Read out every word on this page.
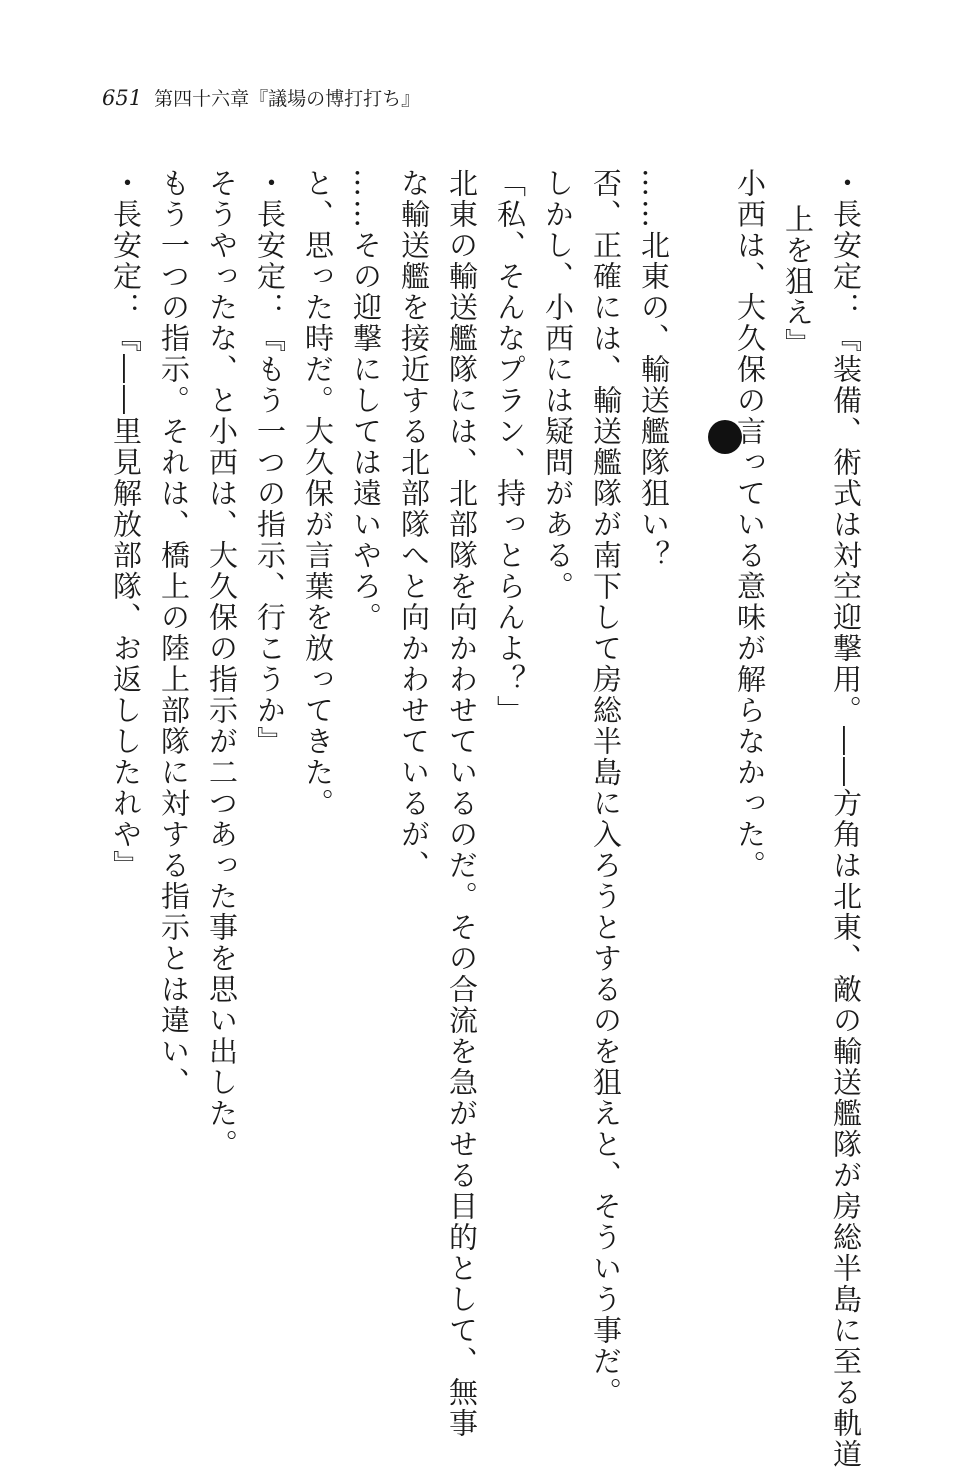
651 第四十六章『議場の博打打ち』
・長安定：『装備、術式は対空迎撃用。――方角は北東、敵の輸送艦隊が房総半島に至る軌道
上を狙え』
小西は、大久保の言っている意味が解らなかった。
……北東の、輸送艦隊狙い？
否、正確には、輸送艦隊が南下して房総半島に入ろうとするのを狙えと、そういう事だ。
しかし、小西には疑問がある。
「私、そんなプラン、持っとらんよ？」
北東の輸送艦隊には、北部隊を向かわせているのだ。その合流を急がせる目的として、無事
な輸送艦を接近する北部隊へと向かわせているが、
……その迎撃にしては遠いやろ。
と、思った時だ。大久保が言葉を放ってきた。
・長安定：『もう一つの指示、行こうか』
そうやったな、と小西は、大久保の指示が二つあった事を思い出した。
もう一つの指示。それは、橋上の陸上部隊に対する指示とは違い、
・長安定：『――里見解放部隊、お返ししたれや』
